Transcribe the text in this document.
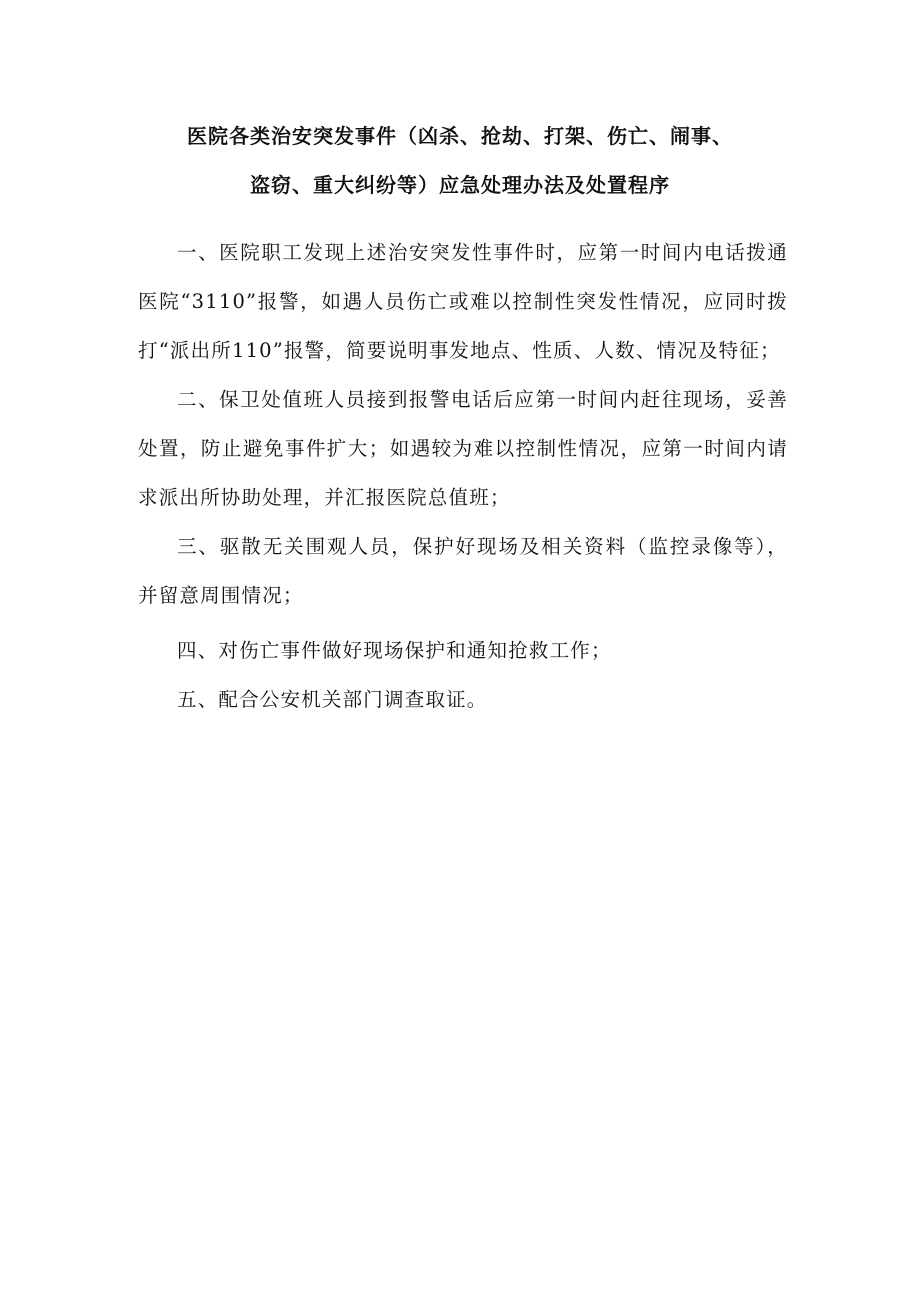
医院各类治安突发事件（凶杀、抢劫、打架、伤亡、闹事、
盗窃、重大纠纷等）应急处理办法及处置程序

一、医院职工发现上述治安突发性事件时，应第一时间内电话拨通医院“3110”报警，如遇人员伤亡或难以控制性突发性情况，应同时拨打“派出所110”报警，简要说明事发地点、性质、人数、情况及特征；

二、保卫处值班人员接到报警电话后应第一时间内赶往现场，妥善处置，防止避免事件扩大；如遇较为难以控制性情况，应第一时间内请求派出所协助处理，并汇报医院总值班；

三、驱散无关围观人员，保护好现场及相关资料（监控录像等），并留意周围情况；

四、对伤亡事件做好现场保护和通知抢救工作；

五、配合公安机关部门调查取证。
